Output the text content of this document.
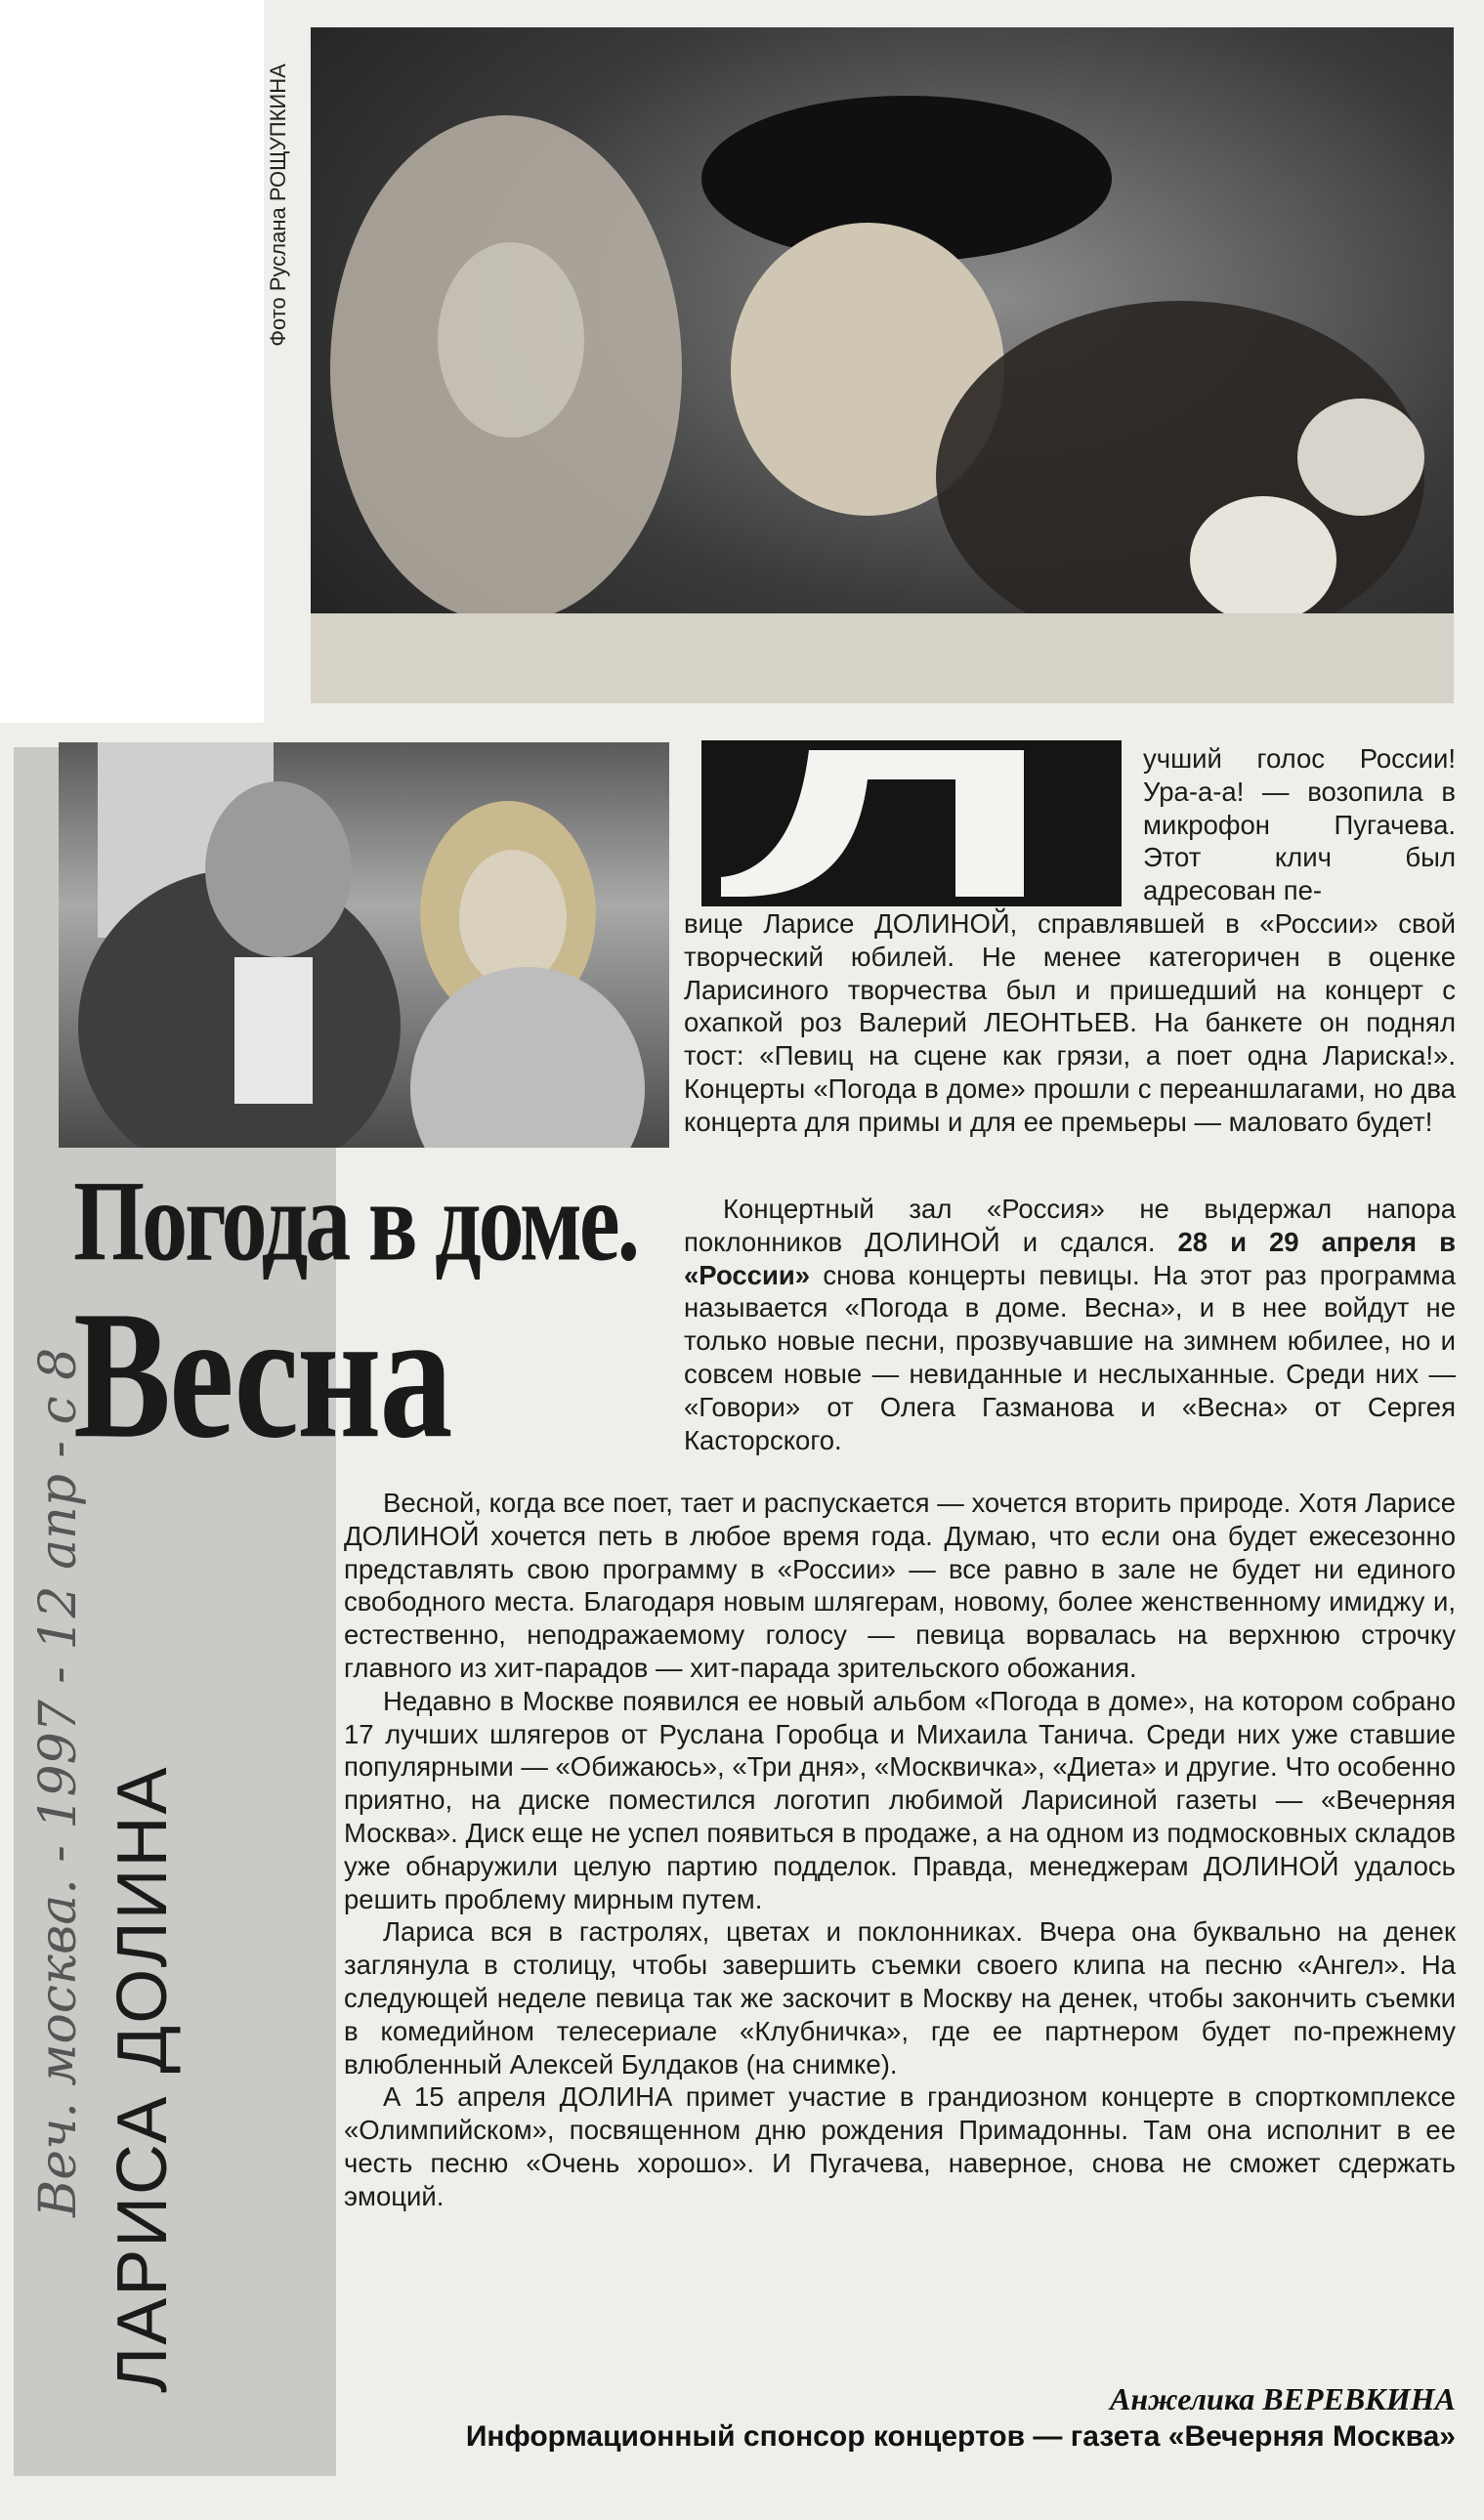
Фото Руслана РОЩУПКИНА
Погода в доме.
Весна
ЛАРИСА ДОЛИНА
Веч. москва. - 1997 - 12 апр - с 8
учший голос России! Ура-а-а! — возопила в микрофон Пугачева. Этот клич был адресован пе-
вице Ларисе ДОЛИНОЙ, справлявшей в «России» свой творческий юбилей. Не менее категоричен в оценке Ларисиного творчества был и пришедший на концерт с охапкой роз Валерий ЛЕОНТЬЕВ. На банкете он поднял тост: «Певиц на сцене как грязи, а поет одна Лариска!». Концерты «Погода в доме» прошли с переаншлагами, но два концерта для примы и для ее премьеры — маловато будет!
Концертный зал «Россия» не выдержал напора поклонников ДОЛИНОЙ и сдался. 28 и 29 апреля в «России» снова концерты певицы. На этот раз программа называется «Погода в доме. Весна», и в нее войдут не только новые песни, прозвучавшие на зимнем юбилее, но и совсем новые — невиданные и неслыханные. Среди них — «Говори» от Олега Газманова и «Весна» от Сергея Касторского.

Весной, когда все поет, тает и распускается — хочется вторить природе. Хотя Ларисе ДОЛИНОЙ хочется петь в любое время года. Думаю, что если она будет ежесезонно представлять свою программу в «России» — все равно в зале не будет ни единого свободного места. Благодаря новым шлягерам, новому, более женственному имиджу и, естественно, неподражаемому голосу — певица ворвалась на верхнюю строчку главного из хит-парадов — хит-парада зрительского обожания.

Недавно в Москве появился ее новый альбом «Погода в доме», на котором собрано 17 лучших шлягеров от Руслана Горобца и Михаила Танича. Среди них уже ставшие популярными — «Обижаюсь», «Три дня», «Москвичка», «Диета» и другие. Что особенно приятно, на диске поместился логотип любимой Ларисиной газеты — «Вечерняя Москва». Диск еще не успел появиться в продаже, а на одном из подмосковных складов уже обнаружили целую партию подделок. Правда, менеджерам ДОЛИНОЙ удалось решить проблему мирным путем.

Лариса вся в гастролях, цветах и поклонниках. Вчера она буквально на денек заглянула в столицу, чтобы завершить съемки своего клипа на песню «Ангел». На следующей неделе певица так же заскочит в Москву на денек, чтобы закончить съемки в комедийном телесериале «Клубничка», где ее партнером будет по-прежнему влюбленный Алексей Булдаков (на снимке).

А 15 апреля ДОЛИНА примет участие в грандиозном концерте в спорткомплексе «Олимпийском», посвященном дню рождения Примадонны. Там она исполнит в ее честь песню «Очень хорошо». И Пугачева, наверное, снова не сможет сдержать эмоций.

Анжелика ВЕРЕВКИНА
Информационный спонсор концертов — газета «Вечерняя Москва»
